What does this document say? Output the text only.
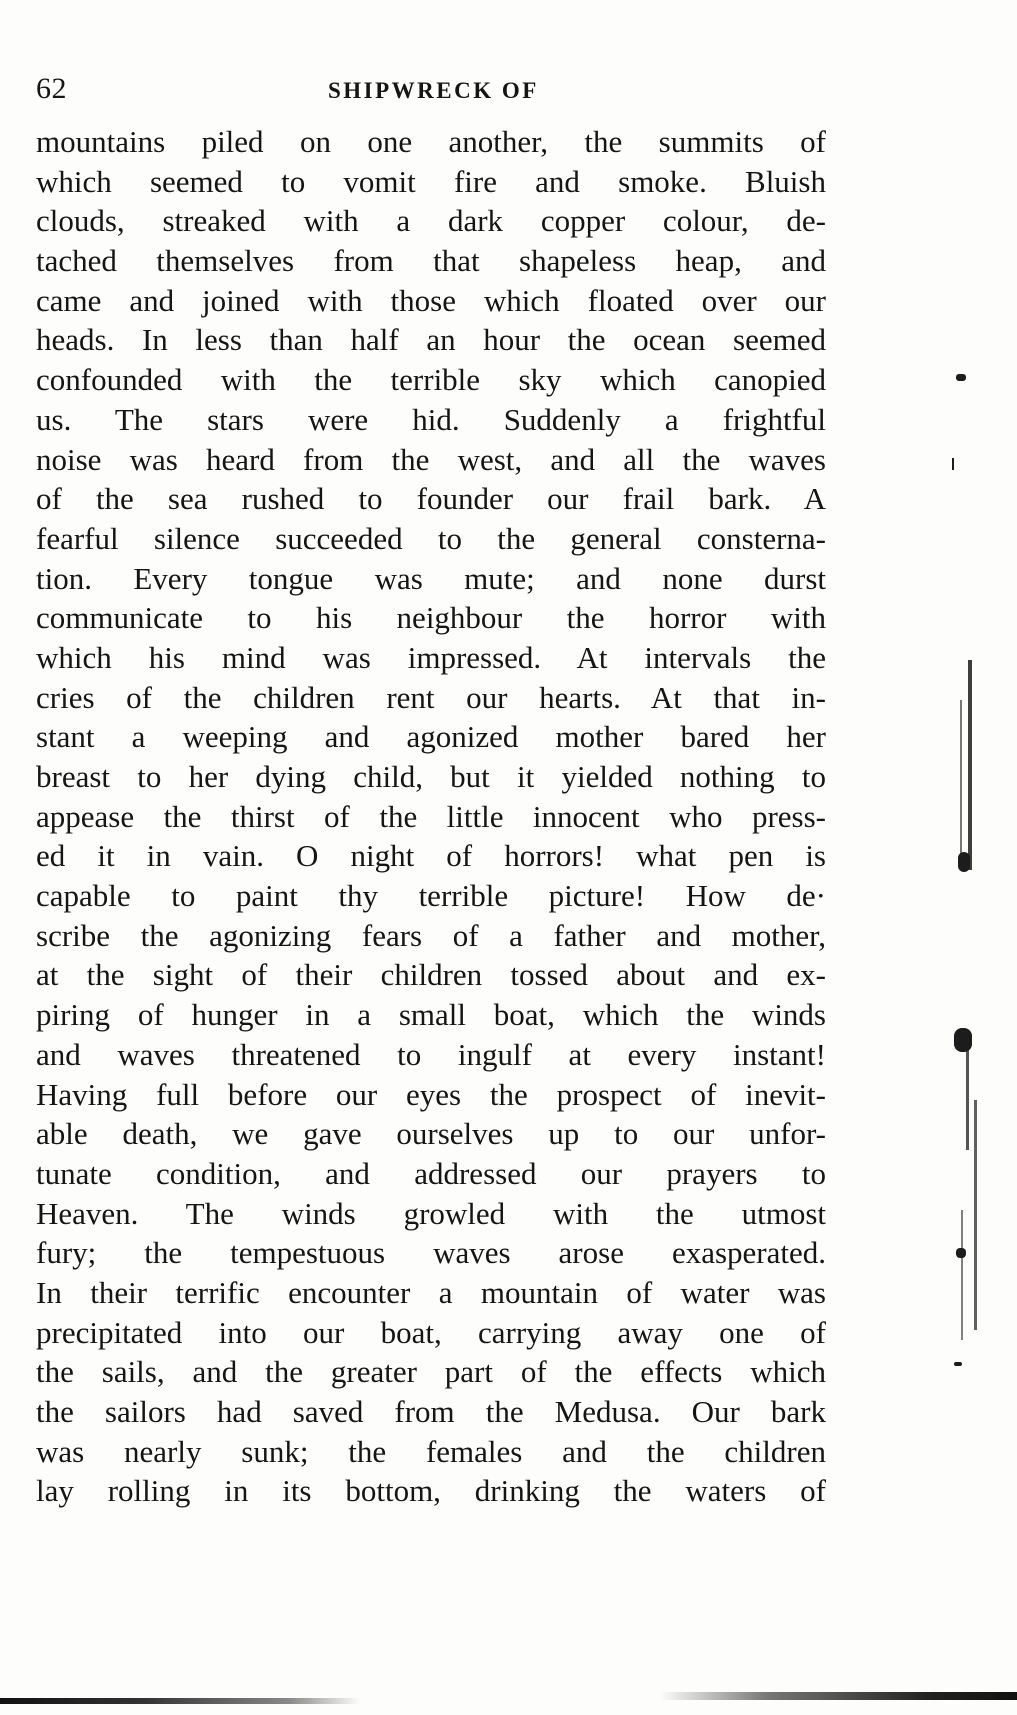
62	SHIPWRECK OF
mountains piled on one another, the summits of
which seemed to vomit fire and smoke. Bluish
clouds, streaked with a dark copper colour, de-
tached themselves from that shapeless heap, and
came and joined with those which floated over our
heads. In less than half an hour the ocean seemed
confounded with the terrible sky which canopied
us. The stars were hid. Suddenly a frightful
noise was heard from the west, and all the waves
of the sea rushed to founder our frail bark. A
fearful silence succeeded to the general consterna-
tion. Every tongue was mute; and none durst
communicate to his neighbour the horror with
which his mind was impressed. At intervals the
cries of the children rent our hearts. At that in-
stant a weeping and agonized mother bared her
breast to her dying child, but it yielded nothing to
appease the thirst of the little innocent who press-
ed it in vain. O night of horrors! what pen is
capable to paint thy terrible picture! How de·
scribe the agonizing fears of a father and mother,
at the sight of their children tossed about and ex-
piring of hunger in a small boat, which the winds
and waves threatened to ingulf at every instant!
Having full before our eyes the prospect of inevit-
able death, we gave ourselves up to our unfor-
tunate condition, and addressed our prayers to
Heaven. The winds growled with the utmost
fury; the tempestuous waves arose exasperated.
In their terrific encounter a mountain of water was
precipitated into our boat, carrying away one of
the sails, and the greater part of the effects which
the sailors had saved from the Medusa. Our bark
was nearly sunk; the females and the children
lay rolling in its bottom, drinking the waters of
